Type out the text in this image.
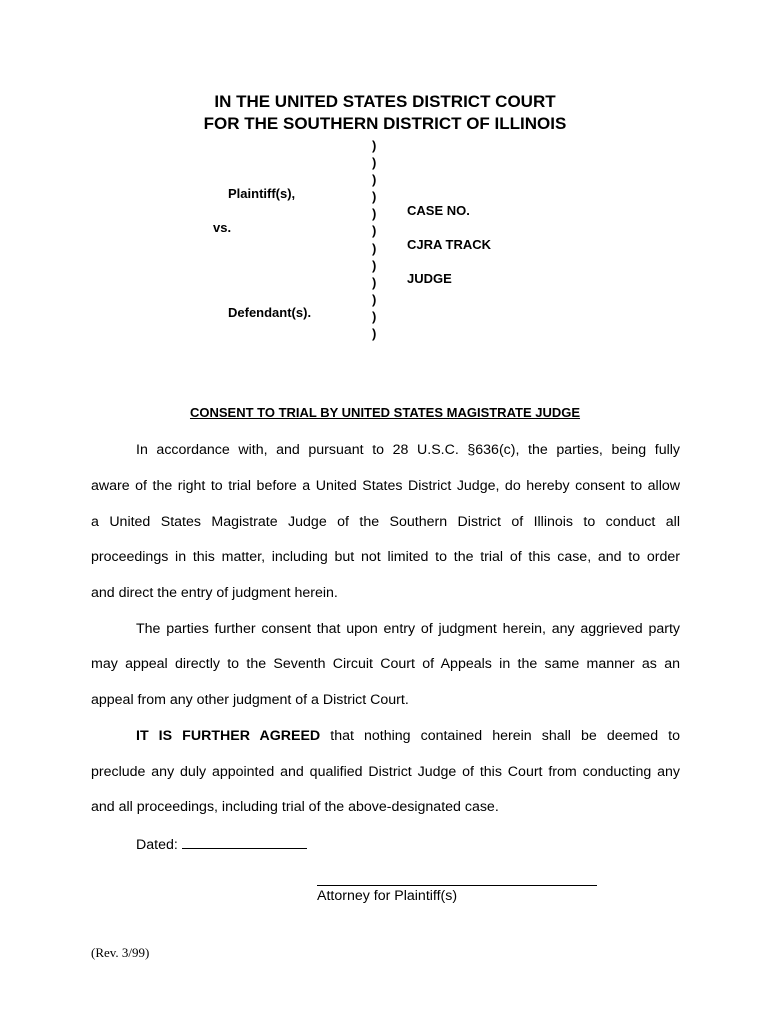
IN THE UNITED STATES DISTRICT COURT
FOR THE SOUTHERN DISTRICT OF ILLINOIS
Plaintiff(s),
vs.
Defendant(s).
)
)
)
)
)
)
)
)
)
)
)
)
CASE NO.
CJRA TRACK
JUDGE
CONSENT TO TRIAL BY UNITED STATES MAGISTRATE JUDGE
In accordance with, and pursuant to 28 U.S.C. §636(c), the parties, being fully
aware of the right to trial before a United States District Judge, do hereby consent to allow
a United States Magistrate Judge of the Southern District of Illinois to conduct all
proceedings in this matter, including but not limited to the trial of this case, and to order
and direct the entry of judgment herein.
The parties further consent that upon entry of judgment herein, any aggrieved party
may appeal directly to the Seventh Circuit Court of Appeals in the same manner as an
appeal from any other judgment of a District Court.
IT IS FURTHER AGREED that nothing contained herein shall be deemed to
preclude any duly appointed and qualified District Judge of this Court from conducting any
and all proceedings, including trial of the above-designated case.
Dated:
Attorney for Plaintiff(s)
(Rev. 3/99)
